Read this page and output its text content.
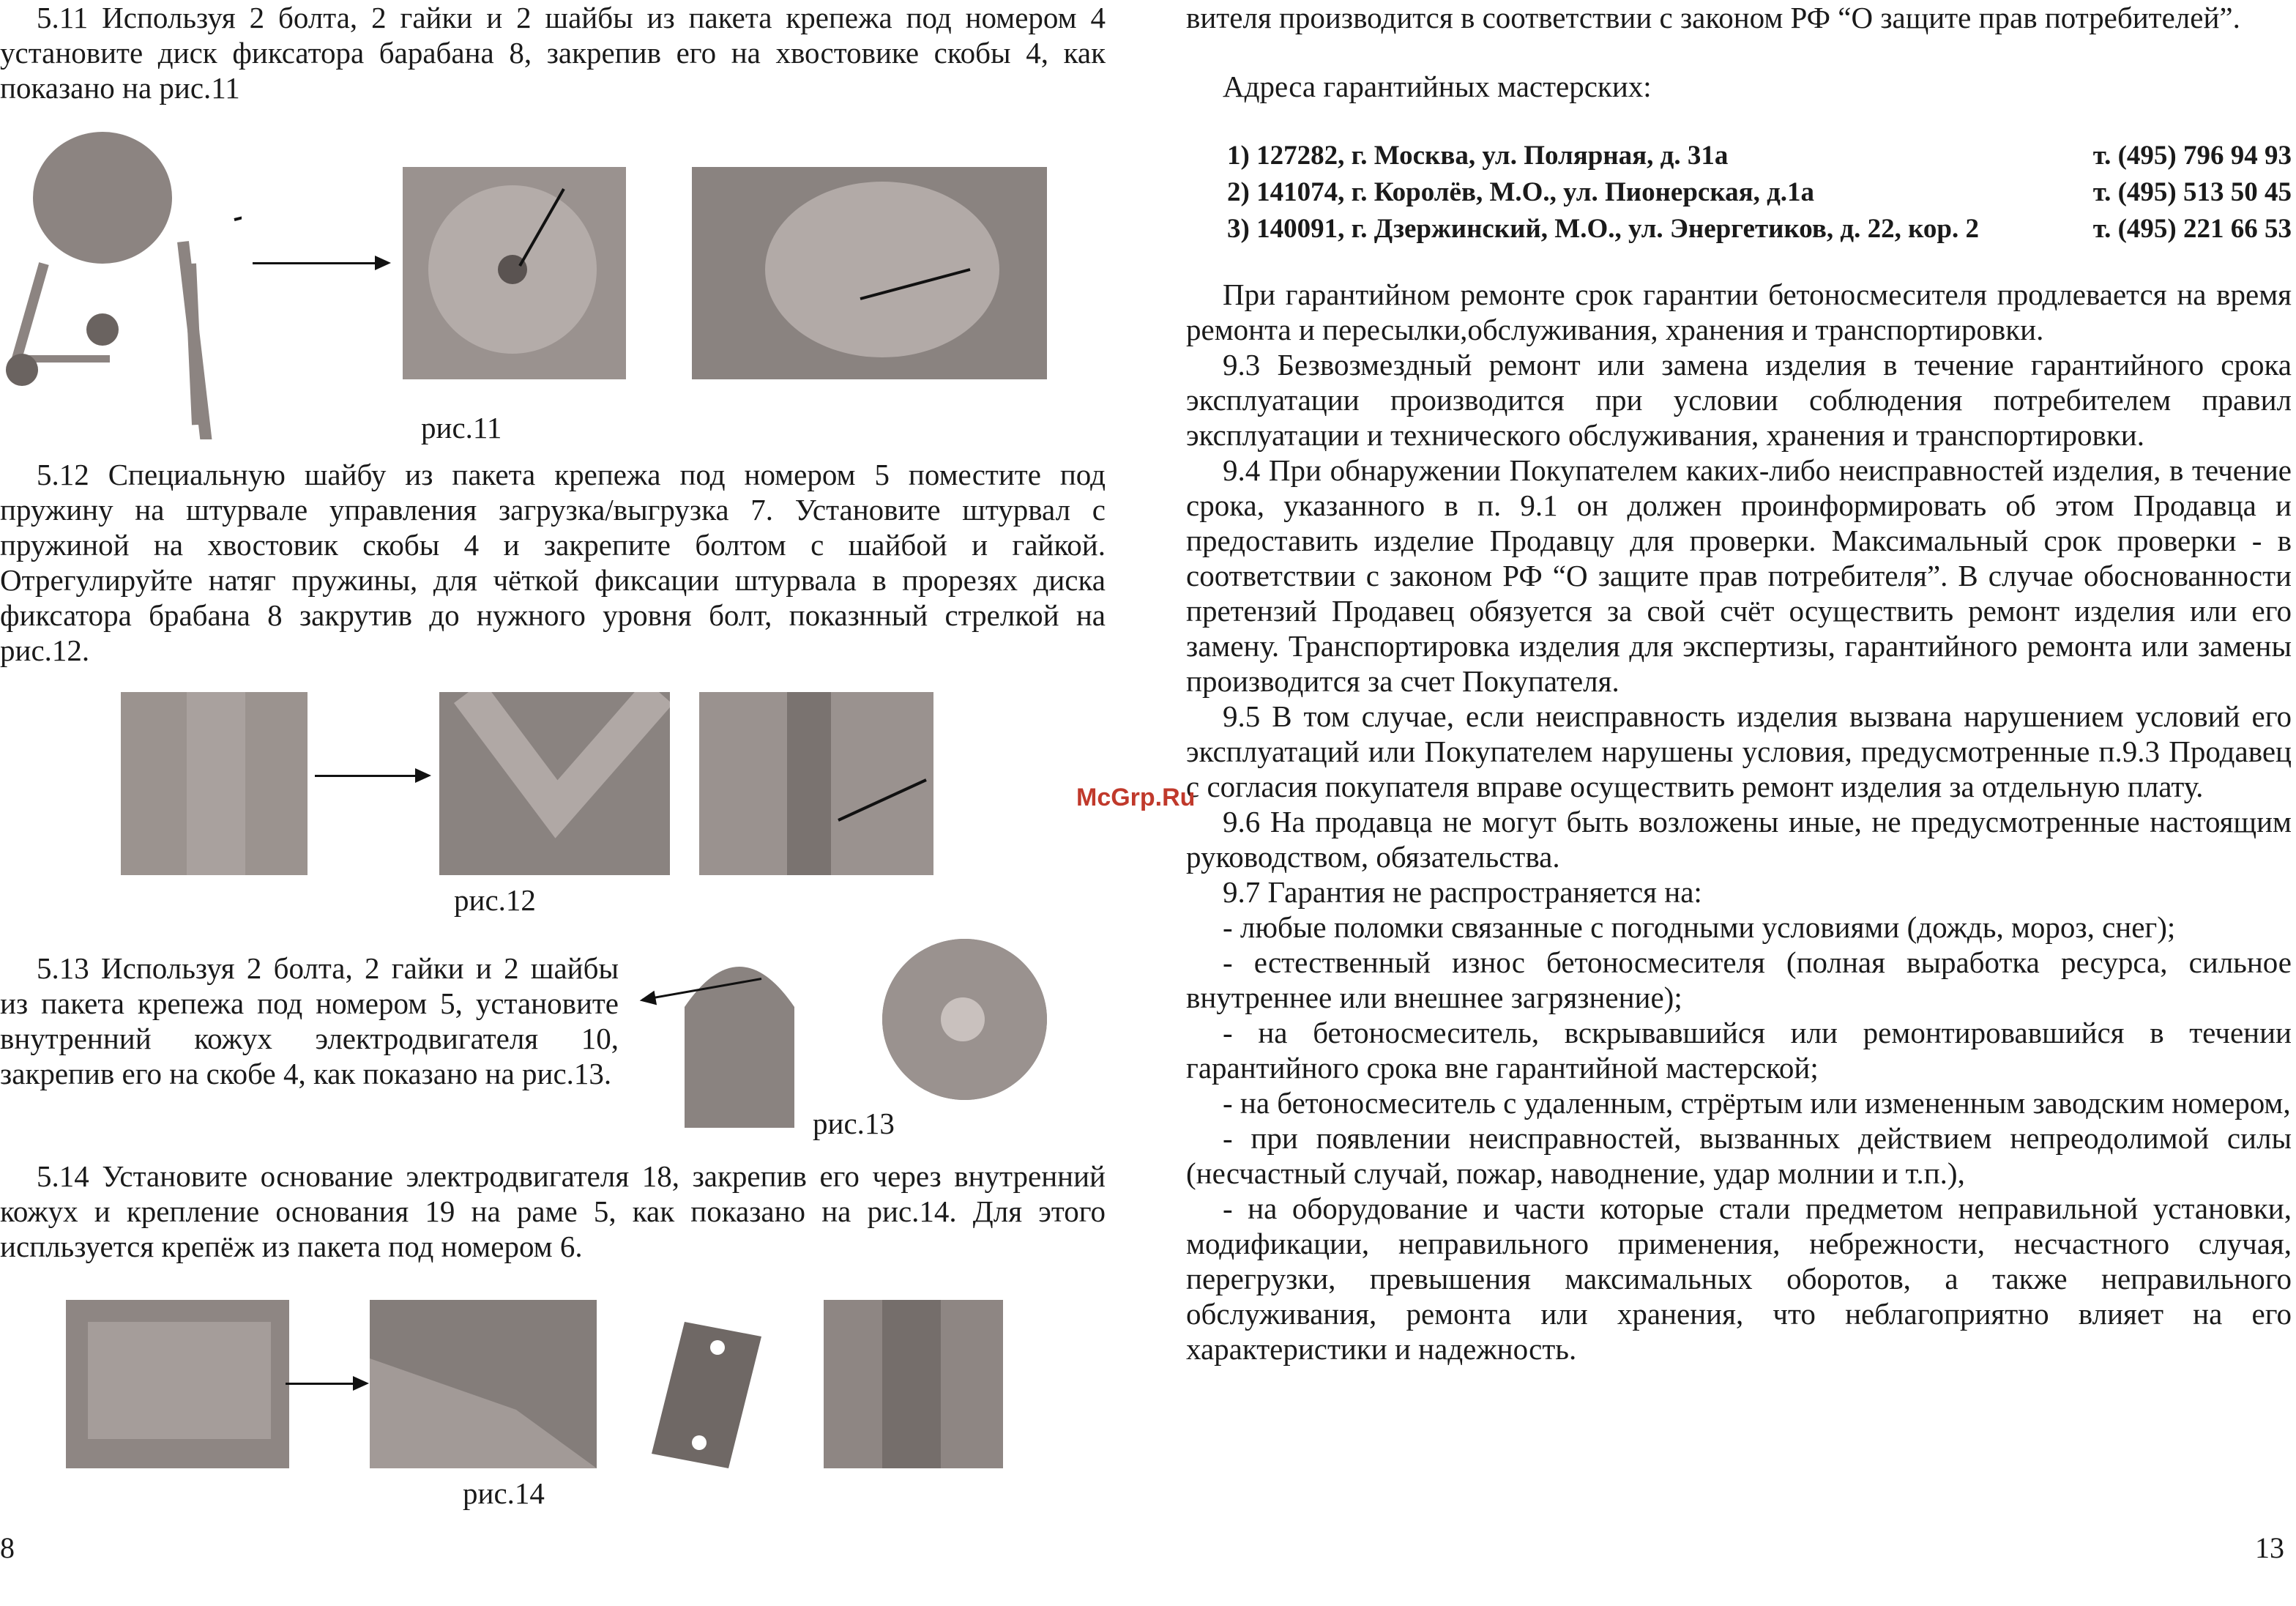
5.11 Используя 2 болта, 2 гайки и 2 шайбы из пакета крепежа под номером 4 установите диск фиксатора барабана 8, закрепив его на хвостовике скобы 4, как показано на рис.11

рис.11

5.12 Специальную шайбу из пакета крепежа под номером 5 поместите под пружину на штурвале управления загрузка/выгрузка 7. Установите штурвал с пружиной на хвостовик скобы 4 и закрепите болтом с шайбой и гайкой. Отрегулируйте натяг пружины, для чёткой фиксации штурвала в прорезях диска фиксатора брабана 8 закрутив до нужного уровня болт, показнный стрелкой на рис.12.

рис.12

5.13 Используя 2 болта, 2 гайки и 2 шайбы из пакета крепежа под номером 5, установите внутренний кожух электродвигателя 10, закрепив его на скобе 4, как показано на рис.13.

рис.13

5.14 Установите основание электродвигателя 18, закрепив его через внутренний кожух и крепление основания 19 на раме 5, как показано на рис.14. Для этого испльзуется крепёж из пакета под номером 6.

рис.14
8

вителя производится в соответствии с законом РФ “О защите прав потребителей”.

Адреса гарантийных мастерских:

1) 127282, г. Москва, ул. Полярная, д. 31а	т. (495) 796 94 93
2) 141074, г. Королёв, М.О., ул. Пионерская, д.1а	т. (495) 513 50 45
3) 140091, г. Дзержинский, М.О., ул. Энергетиков, д. 22, кор. 2	т. (495) 221 66 53

При гарантийном ремонте срок гарантии бетоносмесителя продлевается на время ремонта и пересылки,обслуживания, хранения и транспортировки.

9.3 Безвозмездный ремонт или замена изделия в течение гарантийного срока эксплуатации производится при условии соблюдения потребителем правил эксплуатации и технического обслуживания, хранения и транспортировки.

9.4 При обнаружении Покупателем каких-либо неисправностей изделия, в течение срока, указанного в п. 9.1 он должен проинформировать об этом Продавца и предоставить изделие Продавцу для проверки. Максимальный срок проверки - в соответствии с законом РФ “О защите прав потребителя”. В случае обоснованности претензий Продавец обязуется за свой счёт осуществить ремонт изделия или его замену. Транспортировка изделия для экспертизы, гарантийного ремонта или замены производится за счет Покупателя.

9.5 В том случае, если неисправность изделия вызвана нарушением условий его эксплуатаций или Покупателем нарушены условия, предусмотренные п.9.3 Продавец с согласия покупателя вправе осуществить ремонт изделия за отдельную плату.

9.6 На продавца не могут быть возложены иные, не предусмотренные настоящим руководством, обязательства.

9.7 Гарантия не распространяется на:

- любые поломки связанные с погодными условиями (дождь, мороз, снег);

- естественный износ бетоносмесителя (полная выработка ресурса, сильное внутреннее или внешнее загрязнение);

- на бетоносмеситель, вскрывавшийся или ремонтировавшийся в течении гарантийного срока вне гарантийной мастерской;

- на бетоносмеситель с удаленным, стрёртым или измененным заводским номером,

- при появлении неисправностей, вызванных действием непреодолимой силы (несчастный случай, пожар, наводнение, удар молнии и т.п.),

- на оборудование и части которые стали предметом неправильной установки, модификации, неправильного применения, небрежности, несчастного случая, перегрузки, превышения максимальных оборотов, а также неправильного обслуживания, ремонта или хранения, что неблагоприятно влияет на его характеристики и надежность.

13
McGrp.Ru
